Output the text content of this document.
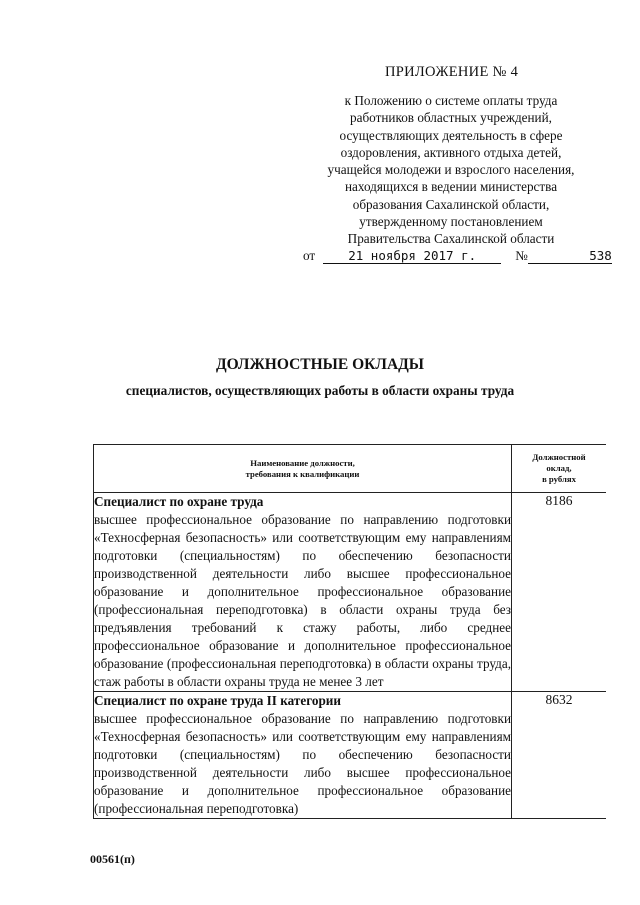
ПРИЛОЖЕНИЕ № 4
к Положению о системе оплаты труда
работников областных учреждений,
осуществляющих деятельность в сфере
оздоровления, активного отдыха детей,
учащейся молодежи и взрослого населения,
находящихся в ведении министерства
образования Сахалинской области,
утвержденному постановлением
Правительства Сахалинской области
от	21 ноября 2017 г.	№	538
ДОЛЖНОСТНЫЕ ОКЛАДЫ

специалистов, осуществляющих работы в области охраны труда

Наименование должности,
требования к квалификации	Должностной
оклад,
в рублях

Специалист по охране труда
высшее профессиональное образование по направлению подготовки «Техносферная безопасность» или соответствующим ему направлениям подготовки (специальностям) по обеспечению безопасности производственной деятельности либо высшее профессиональное образование и дополнительное профессиональное образование (профессиональная переподготовка) в области охраны труда без предъявления требований к стажу работы, либо среднее профессиональное образование и дополнительное профессиональное образование (профессиональная переподготовка) в области охраны труда, стаж работы в области охраны труда не менее 3 лет	8186

Специалист по охране труда II категории
высшее профессиональное образование по направлению подготовки «Техносферная безопасность» или соответствующим ему направлениям подготовки (специальностям) по обеспечению безопасности производственной деятельности либо высшее профессиональное образование и дополнительное профессиональное образование (профессиональная переподготовка)	8632

00561(п)
